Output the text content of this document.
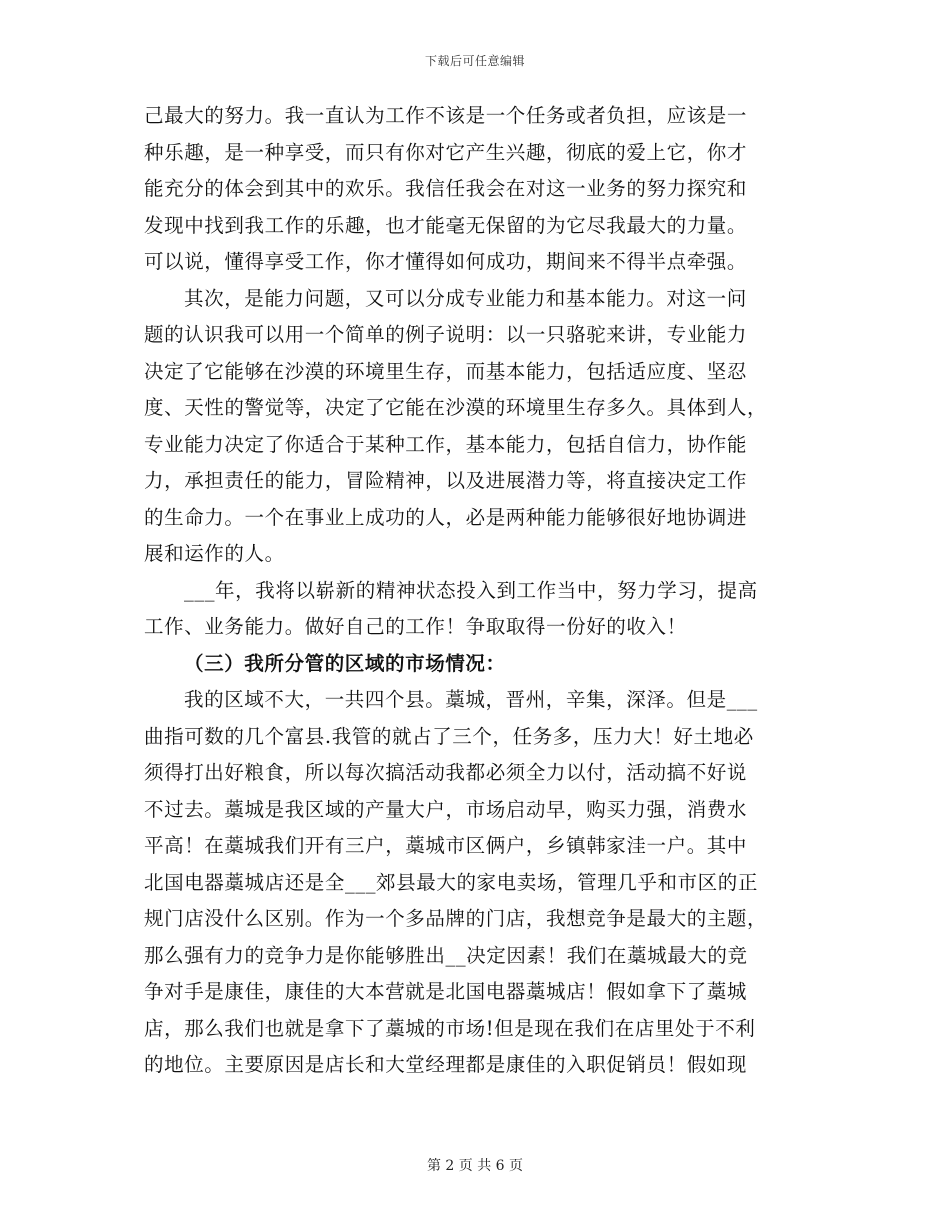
下载后可任意编辑
己最大的努力。我一直认为工作不该是一个任务或者负担，应该是一
种乐趣，是一种享受，而只有你对它产生兴趣，彻底的爱上它，你才
能充分的体会到其中的欢乐。我信任我会在对这一业务的努力探究和
发现中找到我工作的乐趣，也才能毫无保留的为它尽我最大的力量。
可以说，懂得享受工作，你才懂得如何成功，期间来不得半点牵强。
其次，是能力问题，又可以分成专业能力和基本能力。对这一问
题的认识我可以用一个简单的例子说明：以一只骆驼来讲，专业能力
决定了它能够在沙漠的环境里生存，而基本能力，包括适应度、坚忍
度、天性的警觉等，决定了它能在沙漠的环境里生存多久。具体到人，
专业能力决定了你适合于某种工作，基本能力，包括自信力，协作能
力，承担责任的能力，冒险精神，以及进展潜力等，将直接决定工作
的生命力。一个在事业上成功的人，必是两种能力能够很好地协调进
展和运作的人。
___年，我将以崭新的精神状态投入到工作当中，努力学习，提高
工作、业务能力。做好自己的工作！争取取得一份好的收入！
（三）我所分管的区域的市场情况：
我的区域不大，一共四个县。藁城，晋州，辛集，深泽。但是___
曲指可数的几个富县.我管的就占了三个，任务多，压力大！好土地必
须得打出好粮食，所以每次搞活动我都必须全力以付，活动搞不好说
不过去。藁城是我区域的产量大户，市场启动早，购买力强，消费水
平高！在藁城我们开有三户，藁城市区俩户，乡镇韩家洼一户。其中
北国电器藁城店还是全___郊县最大的家电卖场，管理几乎和市区的正
规门店没什么区别。作为一个多品牌的门店，我想竞争是最大的主题，
那么强有力的竞争力是你能够胜出__决定因素！我们在藁城最大的竞
争对手是康佳，康佳的大本营就是北国电器藁城店！假如拿下了藁城
店，那么我们也就是拿下了藁城的市场!但是现在我们在店里处于不利
的地位。主要原因是店长和大堂经理都是康佳的入职促销员！假如现
第 2 页 共 6 页
